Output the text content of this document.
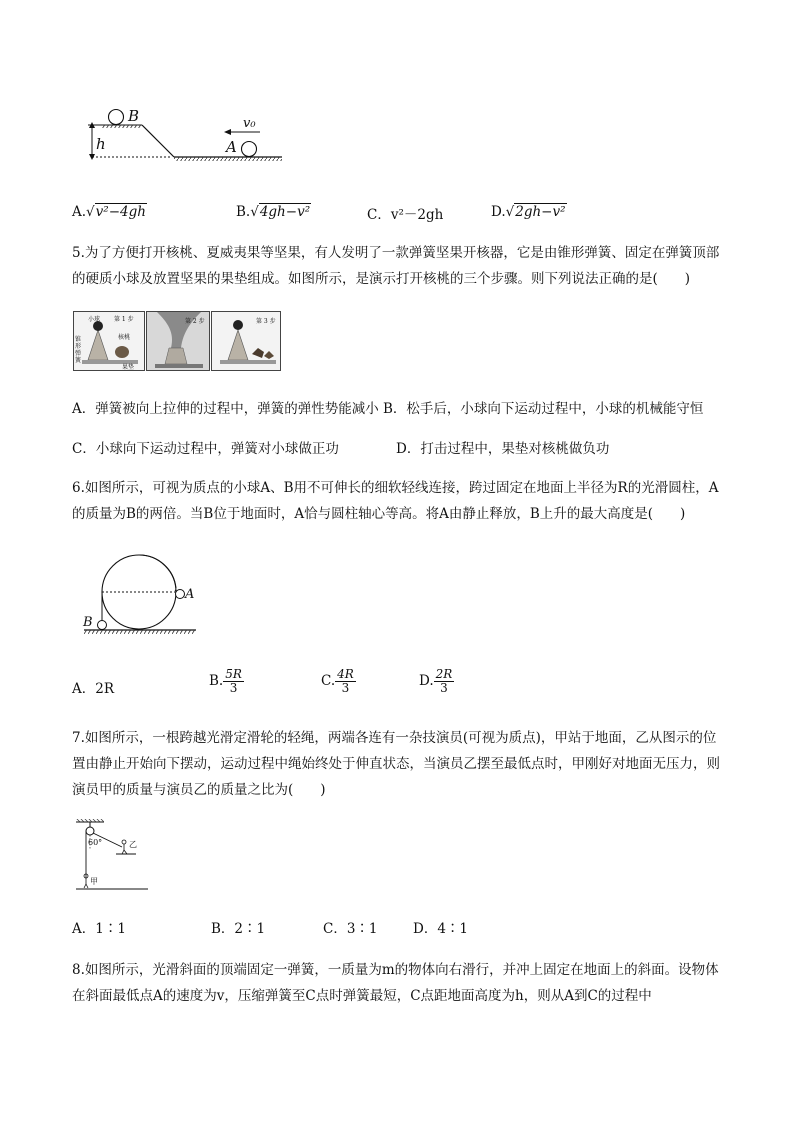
B
h	A
v₀
A.√v²−4gh	B.√4gh−v²	C．v²－2gh	D.√2gh−v²
5.为了方便打开核桃、夏威夷果等坚果，有人发明了一款弹簧坚果开核器，它是由锥形弹簧、固定在弹簧顶部的硬质小球及放置坚果的果垫组成。如图所示，是演示打开核桃的三个步骤。则下列说法正确的是(　　)
小球 第 1 步
核桃
锥形弹簧
果垫
第 2 步	第 3 步
A．弹簧被向上拉伸的过程中，弹簧的弹性势能减小 B．松手后，小球向下运动过程中，小球的机械能守恒
C．小球向下运动过程中，弹簧对小球做正功	D．打击过程中，果垫对核桃做负功
6.如图所示，可视为质点的小球A、B用不可伸长的细软轻线连接，跨过固定在地面上半径为R的光滑圆柱，A的质量为B的两倍。当B位于地面时，A恰与圆柱轴心等高。将A由静止释放，B上升的最大高度是(　　)
A
B
A．2R	B. $\frac{5R}{3}$	C. $\frac{4R}{3}$	D. $\frac{2R}{3}$
7.如图所示，一根跨越光滑定滑轮的轻绳，两端各连有一杂技演员(可视为质点)，甲站于地面，乙从图示的位置由静止开始向下摆动，运动过程中绳始终处于伸直状态，当演员乙摆至最低点时，甲刚好对地面无压力，则演员甲的质量与演员乙的质量之比为(　　)
60°	乙
甲
A．1∶1	B．2∶1	C．3∶1	D．4∶1
8.如图所示，光滑斜面的顶端固定一弹簧，一质量为m的物体向右滑行，并冲上固定在地面上的斜面。设物体在斜面最低点A的速度为v，压缩弹簧至C点时弹簧最短，C点距地面高度为h，则从A到C的过程中
